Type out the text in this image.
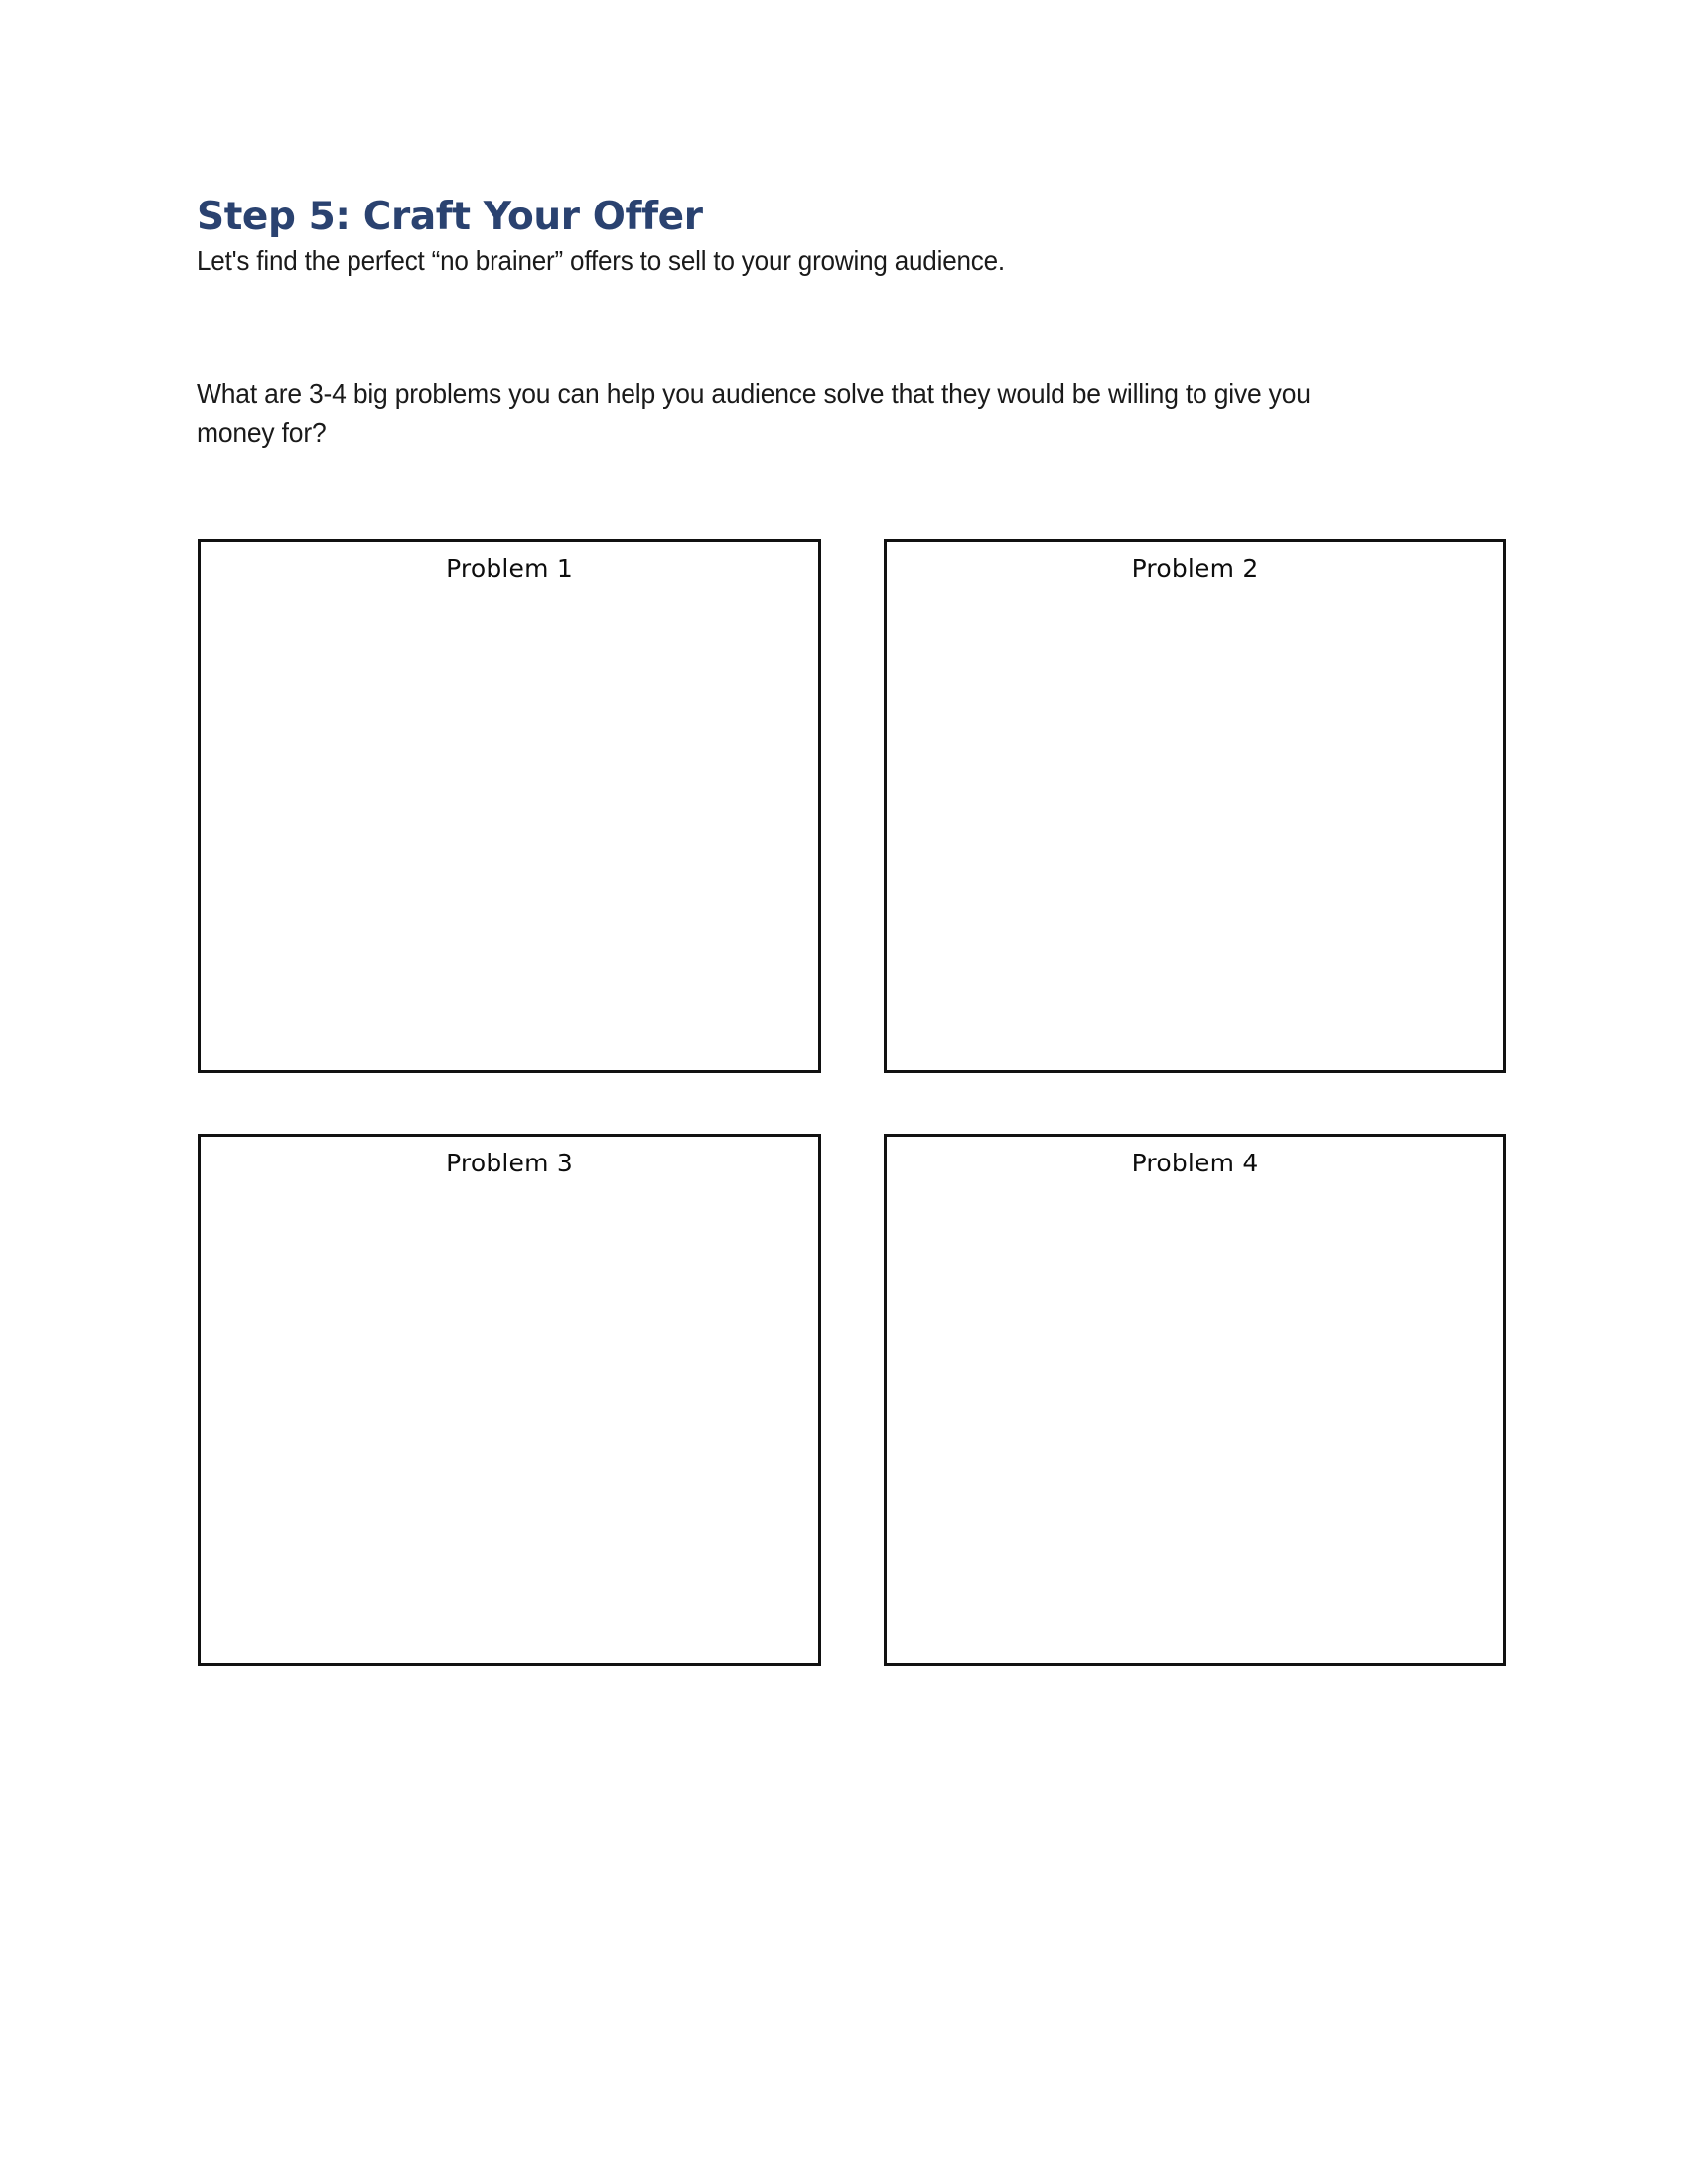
Step 5: Craft Your Offer

Let's find the perfect “no brainer” offers to sell to your growing audience.

What are 3-4 big problems you can help you audience solve that they would be willing to give you money for?

Problem 1	Problem 2
Problem 3	Problem 4
